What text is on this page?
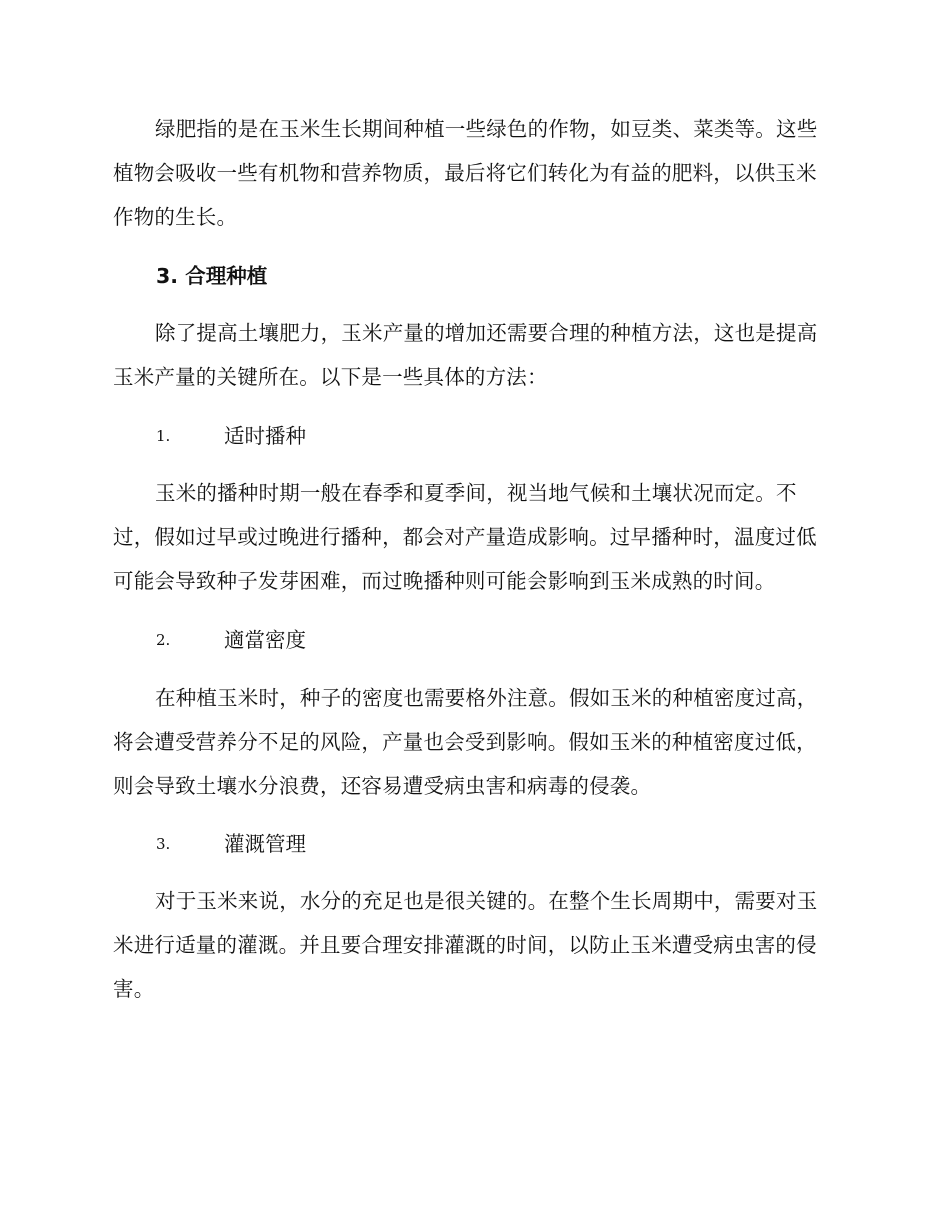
绿肥指的是在玉米生长期间种植一些绿色的作物，如豆类、菜类等。这些植物会吸收一些有机物和营养物质，最后将它们转化为有益的肥料，以供玉米作物的生长。

3. 合理种植

除了提高土壤肥力，玉米产量的增加还需要合理的种植方法，这也是提高玉米产量的关键所在。以下是一些具体的方法：

1.	适时播种

玉米的播种时期一般在春季和夏季间，视当地气候和土壤状况而定。不过，假如过早或过晚进行播种，都会对产量造成影响。过早播种时，温度过低可能会导致种子发芽困难，而过晚播种则可能会影响到玉米成熟的时间。

2.	適當密度

在种植玉米时，种子的密度也需要格外注意。假如玉米的种植密度过高，将会遭受营养分不足的风险，产量也会受到影响。假如玉米的种植密度过低，则会导致土壤水分浪费，还容易遭受病虫害和病毒的侵袭。

3.	灌溉管理

对于玉米来说，水分的充足也是很关键的。在整个生长周期中，需要对玉米进行适量的灌溉。并且要合理安排灌溉的时间，以防止玉米遭受病虫害的侵害。
